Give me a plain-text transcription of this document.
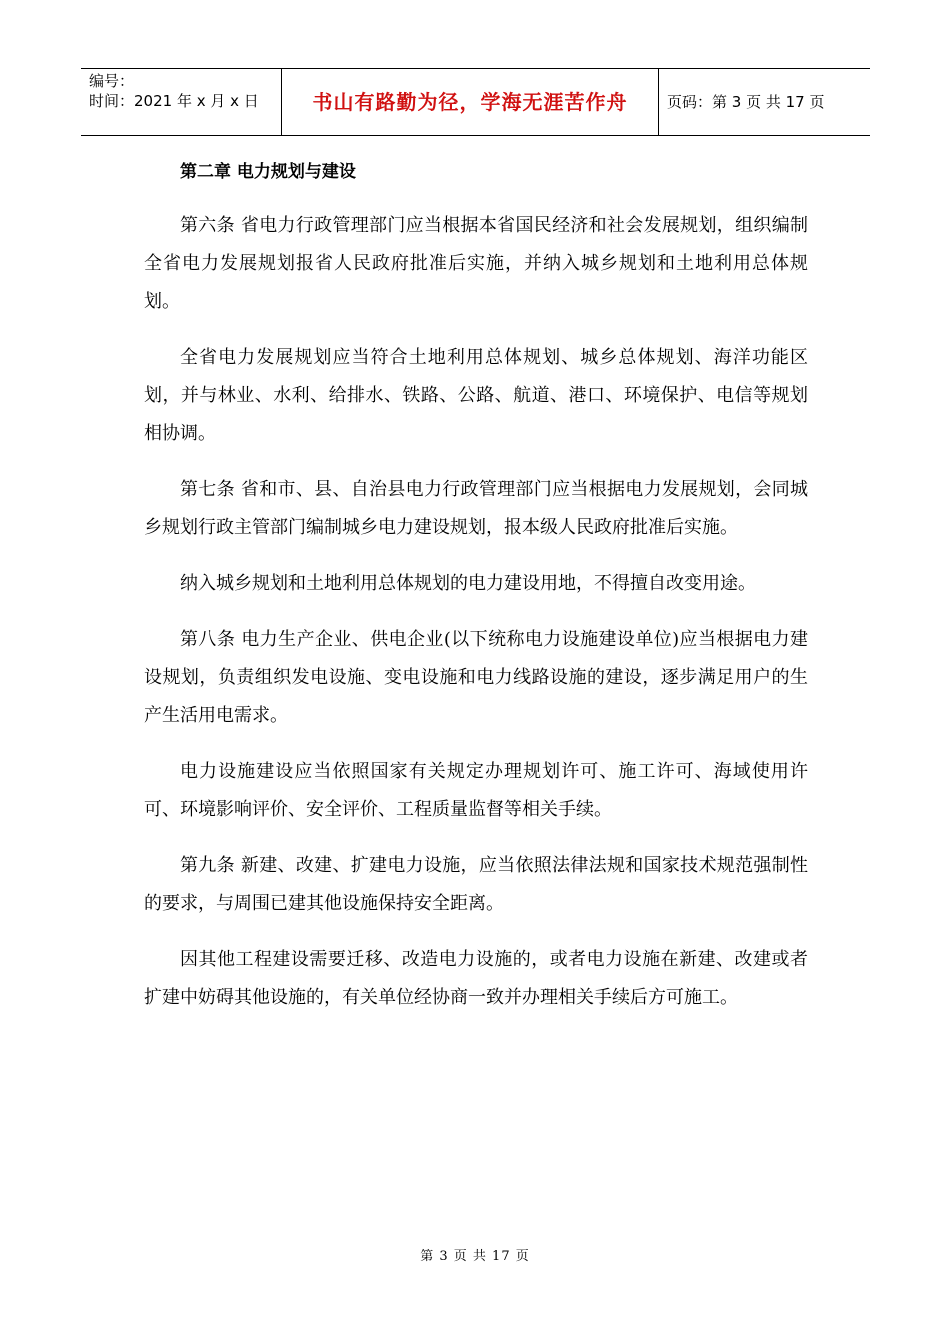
编号：
时间：2021 年 x 月 x 日	书山有路勤为径，学海无涯苦作舟	页码：第 3 页 共 17 页
第二章 电力规划与建设

第六条 省电力行政管理部门应当根据本省国民经济和社会发展规划，组织编制全省电力发展规划报省人民政府批准后实施，并纳入城乡规划和土地利用总体规划。

全省电力发展规划应当符合土地利用总体规划、城乡总体规划、海洋功能区划，并与林业、水利、给排水、铁路、公路、航道、港口、环境保护、电信等规划相协调。

第七条 省和市、县、自治县电力行政管理部门应当根据电力发展规划，会同城乡规划行政主管部门编制城乡电力建设规划，报本级人民政府批准后实施。

纳入城乡规划和土地利用总体规划的电力建设用地，不得擅自改变用途。

第八条 电力生产企业、供电企业(以下统称电力设施建设单位)应当根据电力建设规划，负责组织发电设施、变电设施和电力线路设施的建设，逐步满足用户的生产生活用电需求。

电力设施建设应当依照国家有关规定办理规划许可、施工许可、海域使用许可、环境影响评价、安全评价、工程质量监督等相关手续。

第九条 新建、改建、扩建电力设施，应当依照法律法规和国家技术规范强制性的要求，与周围已建其他设施保持安全距离。

因其他工程建设需要迁移、改造电力设施的，或者电力设施在新建、改建或者扩建中妨碍其他设施的，有关单位经协商一致并办理相关手续后方可施工。

第 3 页 共 17 页
